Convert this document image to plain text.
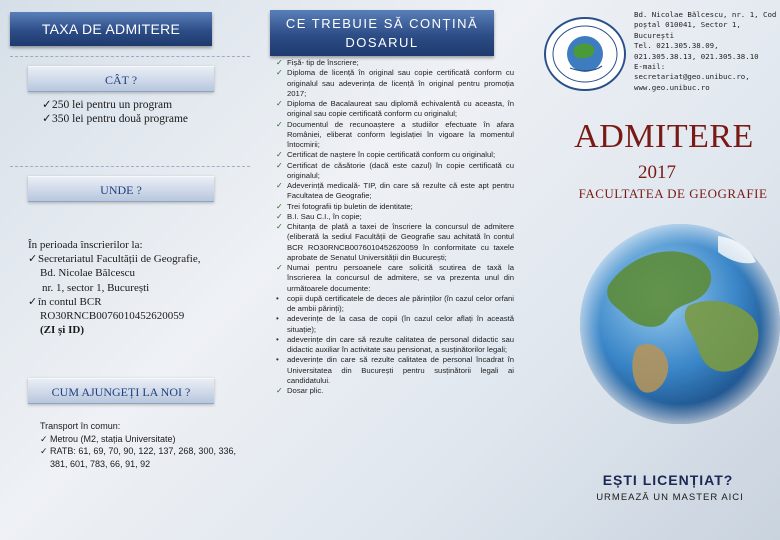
TAXA DE ADMITERE
CÂT ?
✓ 250 lei pentru un program
✓ 350 lei pentru două programe
UNDE ?
În perioada înscrierilor la:
✓Secretariatul Facultății de Geografie,
Bd. Nicolae Bălcescu
nr. 1, sector 1, București
✓în contul BCR
RO30RNCB0076010452620059
(ZI și ID)
CUM AJUNGEȚI LA NOI ?
Transport în comun:
✓ Metrou (M2, stația Universitate)
✓ RATB: 61, 69, 70, 90, 122, 137, 268, 300, 336, 381, 601, 783, 66, 91, 92
CE TREBUIE SĂ CONȚINĂ DOSARUL
✓ Fișă- tip de înscriere;
✓ Diploma de licență în original sau copie certificată conform cu originalul sau adeverința de licență în original pentru promoția 2017;
✓ Diploma de Bacalaureat sau diplomă echivalentă cu aceasta, în original sau copie certificată conform cu originalul;
✓ Documentul de recunoaștere a studiilor efectuate în afara României, eliberat conform legislației în vigoare la momentul întocmirii;
✓ Certificat de naștere în copie certificată conform cu originalul;
✓ Certificat de căsătorie (dacă este cazul) în copie certificată cu originalul;
✓ Adeverință medicală- TIP, din care să rezulte că este apt pentru Facultatea de Geografie;
✓ Trei fotografii tip buletin de identitate;
✓ B.I. Sau C.I., în copie;
✓ Chitanța de plată a taxei de înscriere la concursul de admitere (eliberată la sediul Facultății de Geografie sau achitată în contul BCR RO30RNCB0076010452620059 în conformitate cu taxele aprobate de Senatul Universității din București;
✓ Numai pentru persoanele care solicită scutirea de taxă la înscrierea la concursul de admitere, se va prezenta unul din următoarele documente:
•	copii după certificatele de deces ale părinților (în cazul celor orfani de ambii părinți);
•	adeverințe de la casa de copii (în cazul celor aflați în această situație);
•	adeverințe din care să rezulte calitatea de personal didactic sau didactic auxiliar în activitate sau pensionat, a susținătorilor legali;
•	adeverințe din care să rezulte calitatea de personal încadrat în Universitatea din București pentru susținătorii legali ai candidatului.
✓ Dosar plic.
Bd. Nicolae Bălcescu, nr. 1, Cod poștal 010041, Sector 1, București
Tel. 021.305.38.09, 021.305.38.13, 021.305.38.10
E-mail: secretariat@geo.unibuc.ro, www.geo.unibuc.ro
ADMITERE
2017
FACULTATEA DE GEOGRAFIE
EȘTI LICENȚIAT?
URMEAZĂ UN MASTER AICI
